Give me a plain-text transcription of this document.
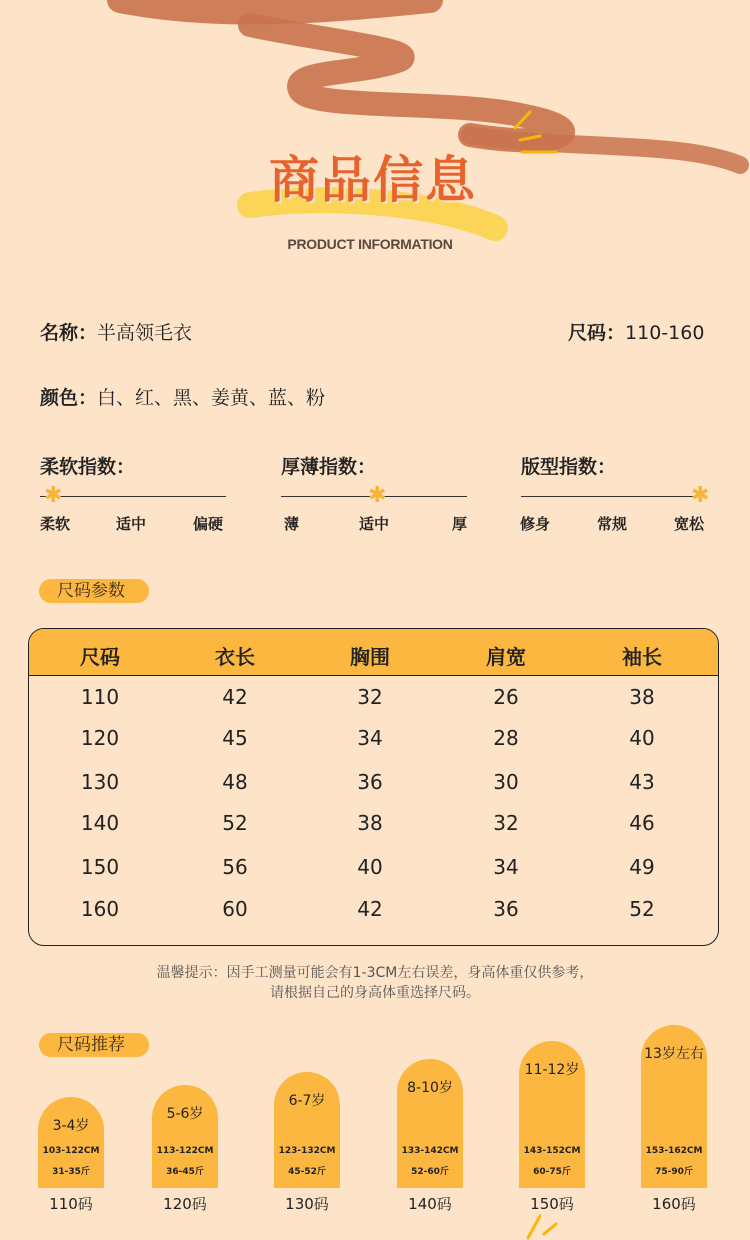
商品信息
PRODUCT INFORMATION
名称：半高领毛衣	尺码：110-160
颜色：白、红、黑、姜黄、蓝、粉
柔软指数：
✱
柔软	适中	偏硬
厚薄指数：
✱
薄	适中	厚
版型指数：
✱
修身	常规	宽松
尺码参数
尺码	衣长	胸围	肩宽	袖长
110	42	32	26	38
120	45	34	28	40
130	48	36	30	43
140	52	38	32	46
150	56	40	34	49
160	60	42	36	52
温馨提示：因手工测量可能会有1-3CM左右误差，身高体重仅供参考，
请根据自己的身高体重选择尺码。
尺码推荐
3-4岁
103-122CM
31-35斤
110码
5-6岁
113-122CM
36-45斤
120码
6-7岁
123-132CM
45-52斤
130码
8-10岁
133-142CM
52-60斤
140码
11-12岁
143-152CM
60-75斤
150码
13岁左右
153-162CM
75-90斤
160码
